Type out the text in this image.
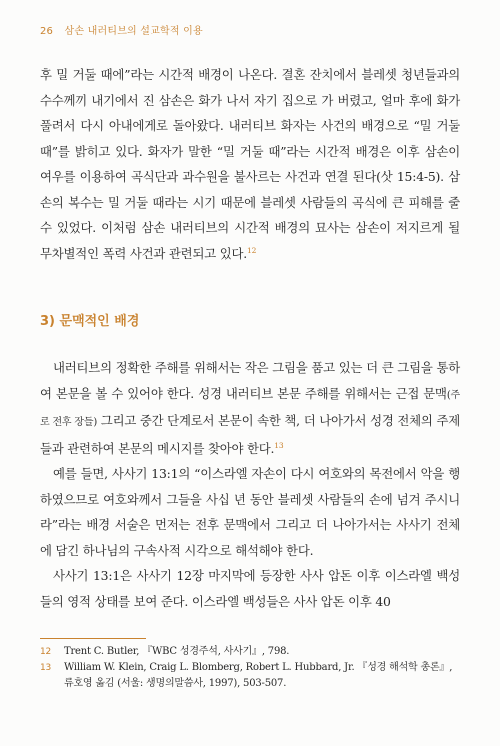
26 삼손 내러티브의 설교학적 이용

후 밀 거둘 때에”라는 시간적 배경이 나온다. 결혼 잔치에서 블레셋 청년들과의 수수께끼 내기에서 진 삼손은 화가 나서 자기 집으로 가 버렸고, 얼마 후에 화가 풀려서 다시 아내에게로 돌아왔다. 내러티브 화자는 사건의 배경으로 “밀 거둘 때”를 밝히고 있다. 화자가 말한 “밀 거둘 때”라는 시간적 배경은 이후 삼손이 여우를 이용하여 곡식단과 과수원을 불사르는 사건과 연결 된다(삿 15:4-5). 삼손의 복수는 밀 거둘 때라는 시기 때문에 블레셋 사람들의 곡식에 큰 피해를 줄 수 있었다. 이처럼 삼손 내러티브의 시간적 배경의 묘사는 삼손이 저지르게 될 무차별적인 폭력 사건과 관련되고 있다.$^{12}$

3) 문맥적인 배경

내러티브의 정확한 주해를 위해서는 작은 그림을 품고 있는 더 큰 그림을 통하여 본문을 볼 수 있어야 한다. 성경 내러티브 본문 주해를 위해서는 근접 문맥(주로 전후 장들) 그리고 중간 단계로서 본문이 속한 책, 더 나아가서 성경 전체의 주제들과 관련하여 본문의 메시지를 찾아야 한다.$^{13}$

예를 들면, 사사기 13:1의 “이스라엘 자손이 다시 여호와의 목전에서 악을 행하였으므로 여호와께서 그들을 사십 년 동안 블레셋 사람들의 손에 넘겨 주시니라”라는 배경 서술은 먼저는 전후 문맥에서 그리고 더 나아가서는 사사기 전체에 담긴 하나님의 구속사적 시각으로 해석해야 한다.

사사기 13:1은 사사기 12장 마지막에 등장한 사사 압돈 이후 이스라엘 백성들의 영적 상태를 보여 준다. 이스라엘 백성들은 사사 압돈 이후 40

12	Trent C. Butler, 『WBC 성경주석, 사사기』, 798.

13	William W. Klein, Craig L. Blomberg, Robert L. Hubbard, Jr. 『성경 해석학 총론』, 류호영 옮김 (서울: 생명의말씀사, 1997), 503-507.
